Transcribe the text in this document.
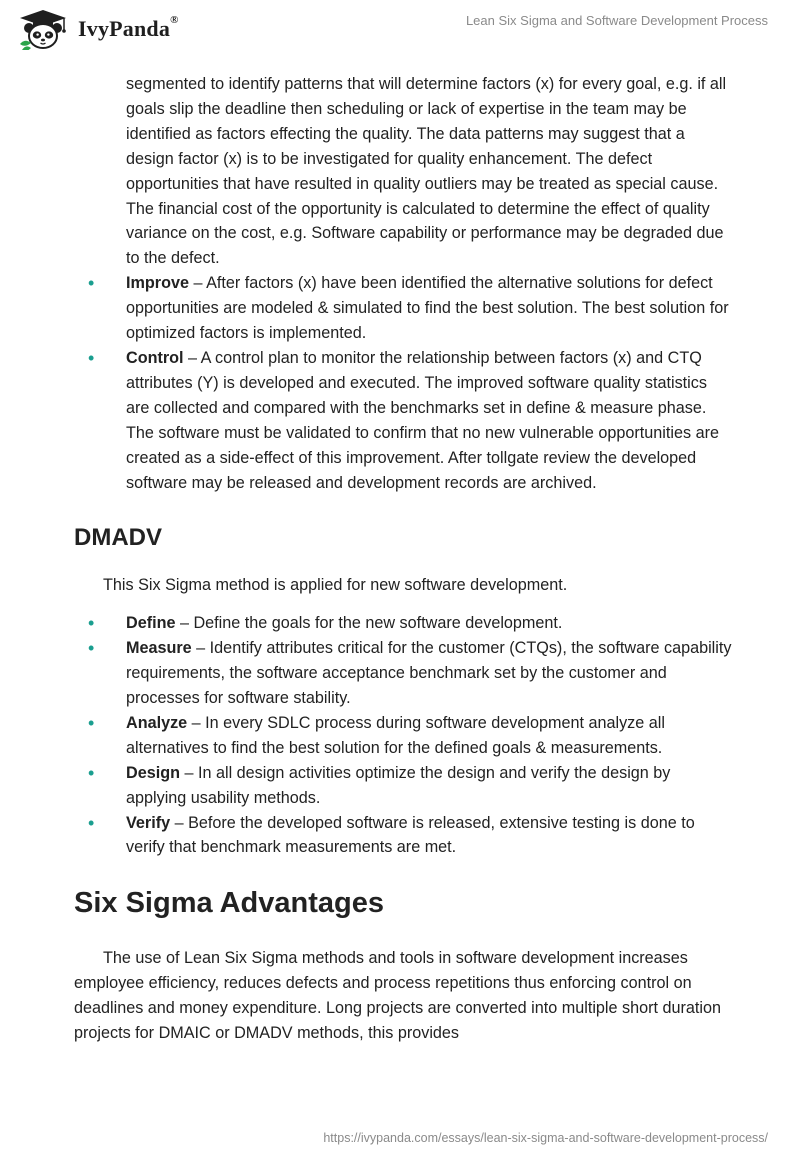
IvyPanda®	Lean Six Sigma and Software Development Process

segmented to identify patterns that will determine factors (x) for every goal, e.g. if all goals slip the deadline then scheduling or lack of expertise in the team may be identified as factors effecting the quality. The data patterns may suggest that a design factor (x) is to be investigated for quality enhancement. The defect opportunities that have resulted in quality outliers may be treated as special cause. The financial cost of the opportunity is calculated to determine the effect of quality variance on the cost, e.g. Software capability or performance may be degraded due to the defect.

• Improve – After factors (x) have been identified the alternative solutions for defect opportunities are modeled & simulated to find the best solution. The best solution for optimized factors is implemented.
• Control – A control plan to monitor the relationship between factors (x) and CTQ attributes (Y) is developed and executed. The improved software quality statistics are collected and compared with the benchmarks set in define & measure phase. The software must be validated to confirm that no new vulnerable opportunities are created as a side-effect of this improvement. After tollgate review the developed software may be released and development records are archived.
DMADV

This Six Sigma method is applied for new software development.

• Define – Define the goals for the new software development.
• Measure – Identify attributes critical for the customer (CTQs), the software capability requirements, the software acceptance benchmark set by the customer and processes for software stability.
• Analyze – In every SDLC process during software development analyze all alternatives to find the best solution for the defined goals & measurements.
• Design – In all design activities optimize the design and verify the design by applying usability methods.
• Verify – Before the developed software is released, extensive testing is done to verify that benchmark measurements are met.
Six Sigma Advantages

The use of Lean Six Sigma methods and tools in software development increases employee efficiency, reduces defects and process repetitions thus enforcing control on deadlines and money expenditure. Long projects are converted into multiple short duration projects for DMAIC or DMADV methods, this provides

https://ivypanda.com/essays/lean-six-sigma-and-software-development-process/
